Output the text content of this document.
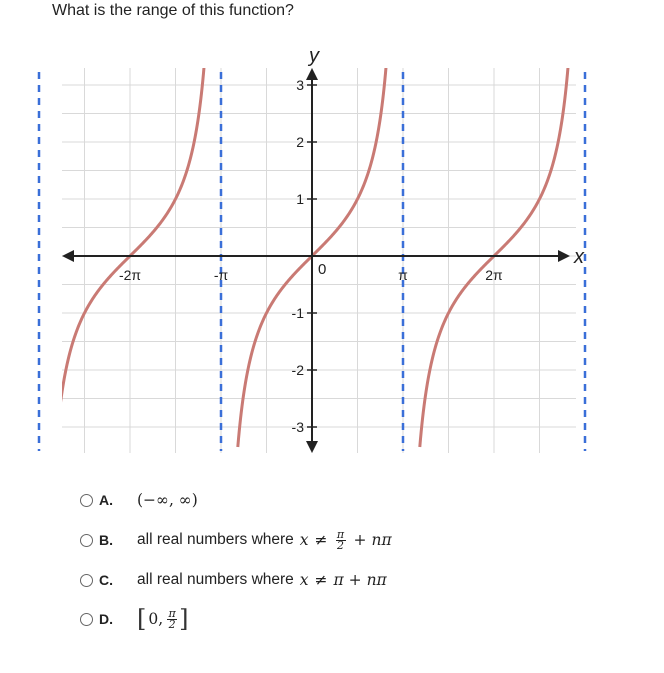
What is the range of this function?
y
x
0
-2π	-π	π	2π
3
2
1
-1
-2
-3
A.	(−∞, ∞)
B.	all real numbers where $x \ne \frac{\pi}{2} + n\pi$
C.	all real numbers where x ≠ π + nπ
D.	[ 0, $\frac{\pi}{2}$ ]
